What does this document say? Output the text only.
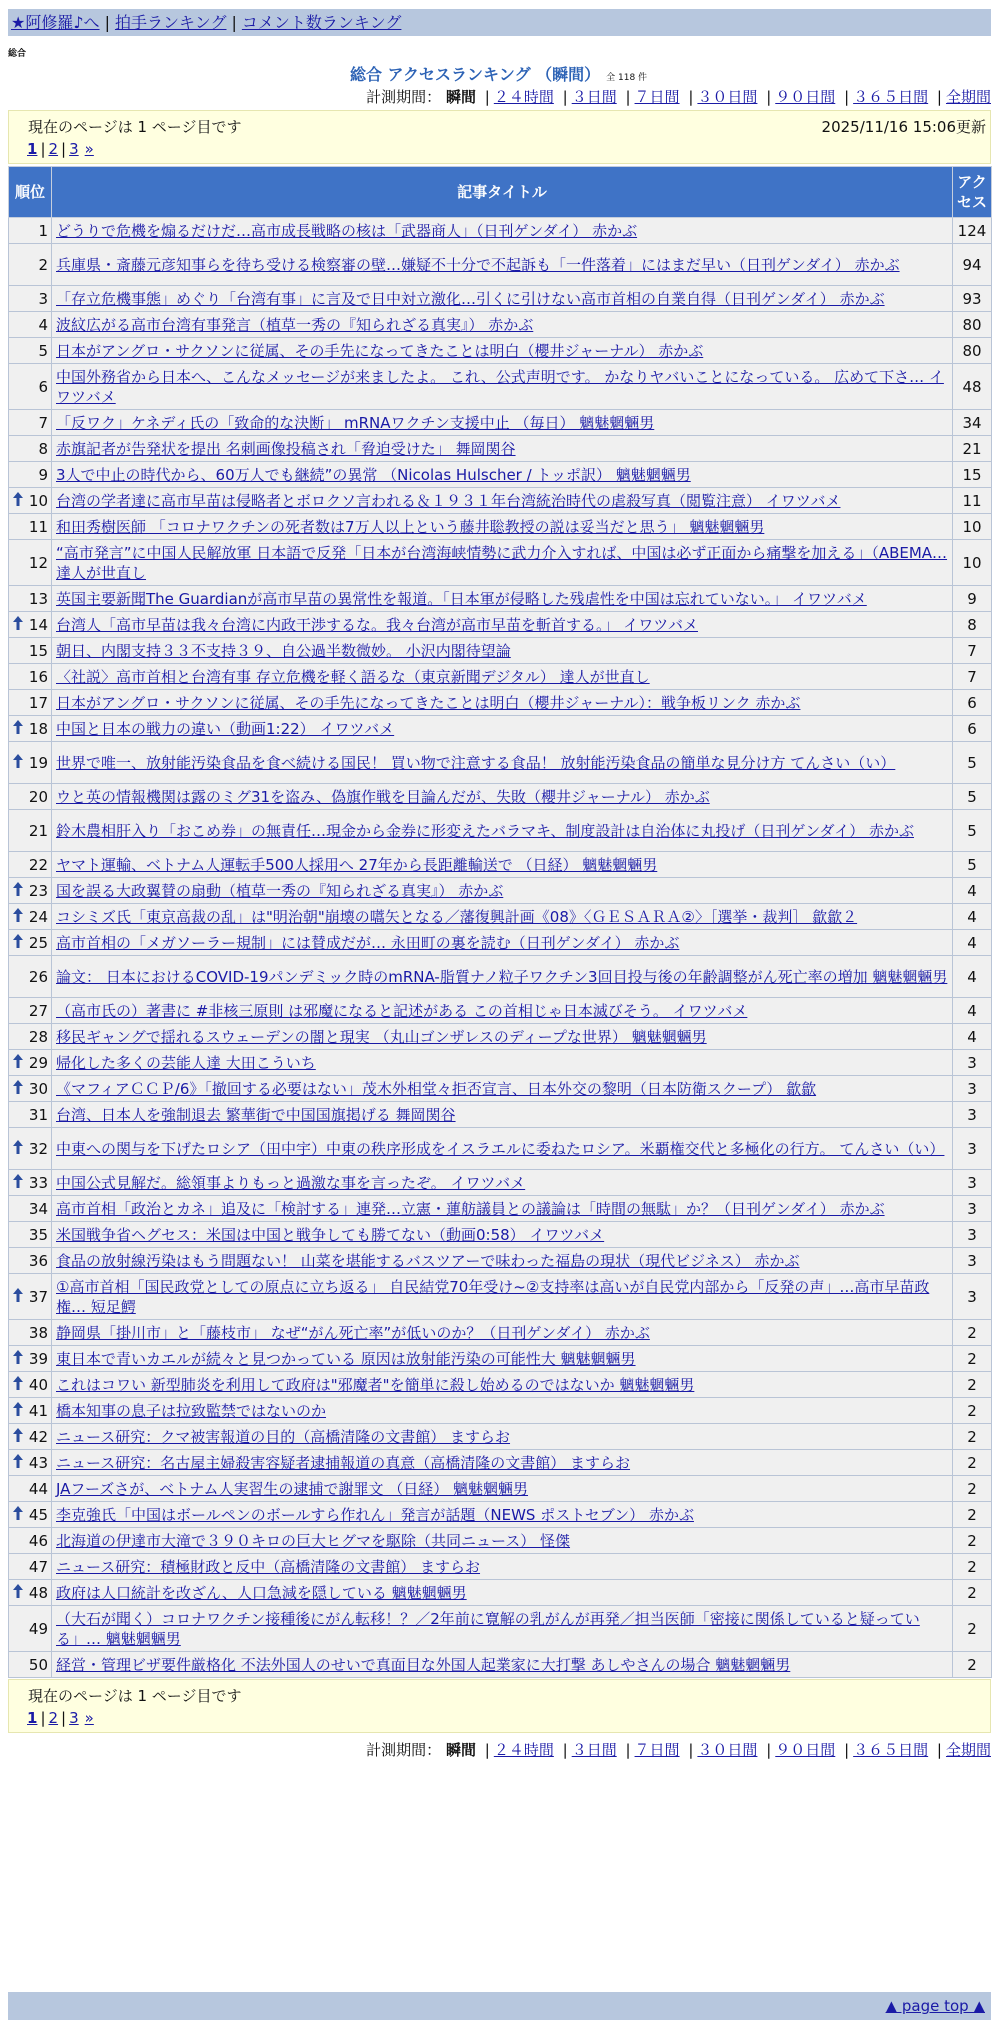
★阿修羅♪へ | 拍手ランキング | コメント数ランキング
総合
総合 アクセスランキング （瞬間） 全 118 件
計測期間： 瞬間 | ２４時間 | ３日間 | ７日間 | ３０日間 | ９０日間 | ３６５日間 | 全期間
現在のページは 1 ページ目です	2025/11/16 15:06更新
1 | 2 | 3 »
順位	記事タイトル	アクセス
1	どうりで危機を煽るだけだ…高市成長戦略の核は「武器商人」（日刊ゲンダイ） 赤かぶ	124
2	兵庫県・斎藤元彦知事らを待ち受ける検察審の壁…嫌疑不十分で不起訴も「一件落着」にはまだ早い（日刊ゲンダイ） 赤かぶ	94
3	「存立危機事態」めぐり「台湾有事」に言及で日中対立激化…引くに引けない高市首相の自業自得（日刊ゲンダイ） 赤かぶ	93
4	波紋広がる高市台湾有事発言（植草一秀の『知られざる真実』） 赤かぶ	80
5	日本がアングロ・サクソンに従属、その手先になってきたことは明白（櫻井ジャーナル） 赤かぶ	80
6	中国外務省から日本へ、こんなメッセージが来ましたよ。 これ、公式声明です。 かなりヤバいことになっている。 広めて下さ… イワツバメ	48
7	「反ワク」ケネディ氏の「致命的な決断」 mRNAワクチン支援中止 （毎日） 魑魅魍魎男	34
8	赤旗記者が告発状を提出 名刺画像投稿され「脅迫受けた」 舞岡関谷	21
9	3人で中止の時代から、60万人でも継続”の異常 （Nicolas Hulscher / トッポ訳） 魑魅魍魎男	15

10	台湾の学者達に高市早苗は侵略者とボロクソ言われる＆１９３１年台湾統治時代の虐殺写真（閲覧注意） イワツバメ	11
11	和田秀樹医師 「コロナワクチンの死者数は7万人以上という藤井聡教授の説は妥当だと思う」 魑魅魍魎男	10
12	“高市発言”に中国人民解放軍 日本語で反発「日本が台湾海峡情勢に武力介入すれば、中国は必ず正面から痛撃を加える」（ABEMA… 達人が世直し	10
13	英国主要新聞The Guardianが高市早苗の異常性を報道。「日本軍が侵略した残虐性を中国は忘れていない。」 イワツバメ	9

14	台湾人「高市早苗は我々台湾に内政干渉するな。我々台湾が高市早苗を斬首する。」 イワツバメ	8
15	朝日、内閣支持３３不支持３９、自公過半数微妙。 小沢内閣待望論	7
16	〈社説〉高市首相と台湾有事 存立危機を軽く語るな（東京新聞デジタル） 達人が世直し	7
17	日本がアングロ・サクソンに従属、その手先になってきたことは明白（櫻井ジャーナル）：戦争板リンク 赤かぶ	6

18	中国と日本の戦力の違い（動画1:22） イワツバメ	6

19	世界で唯一、放射能汚染食品を食べ続ける国民！ 買い物で注意する食品！ 放射能汚染食品の簡単な見分け方 てんさい（い）	5
20	ウと英の情報機関は露のミグ31を盗み、偽旗作戦を目論んだが、失敗（櫻井ジャーナル） 赤かぶ	5
21	鈴木農相肝入り「おこめ券」の無責任…現金から金券に形変えたバラマキ、制度設計は自治体に丸投げ（日刊ゲンダイ） 赤かぶ	5
22	ヤマト運輸、ベトナム人運転手500人採用へ 27年から長距離輸送で （日経） 魑魅魍魎男	5

23	国を誤る大政翼賛の扇動（植草一秀の『知られざる真実』） 赤かぶ	4

24	コシミズ氏「東京高裁の乱」は"明治朝"崩壊の嚆矢となる／藩復興計画《08》〈ＧＥＳＡＲＡ②〉［選挙・裁判］ 歙歙２	4

25	高市首相の「メガソーラー規制」には賛成だが… 永田町の裏を読む（日刊ゲンダイ） 赤かぶ	4
26	論文： 日本におけるCOVID-19パンデミック時のmRNA-脂質ナノ粒子ワクチン3回目投与後の年齢調整がん死亡率の増加 魑魅魍魎男	4
27	（高市氏の）著書に #非核三原則 は邪魔になると記述がある この首相じゃ日本滅びそう。 イワツバメ	4
28	移民ギャングで揺れるスウェーデンの闇と現実 （丸山ゴンザレスのディープな世界） 魑魅魍魎男	4

29	帰化した多くの芸能人達 大田こういち	3

30	《マフィアＣＣＰ/6》「撤回する必要はない」茂木外相堂々拒否宣言、日本外交の黎明（日本防衛スクープ） 歙歙	3
31	台湾、日本人を強制退去 繁華街で中国国旗掲げる 舞岡関谷	3

32	中東への関与を下げたロシア（田中宇）中東の秩序形成をイスラエルに委ねたロシア。米覇権交代と多極化の行方。 てんさい（い）	3

33	中国公式見解だ。総領事よりもっと過激な事を言ったぞ。 イワツバメ	3
34	高市首相「政治とカネ」追及に「検討する」連発…立憲・蓮舫議員との議論は「時間の無駄」か？（日刊ゲンダイ） 赤かぶ	3
35	米国戦争省ヘグセス：米国は中国と戦争しても勝てない（動画0:58） イワツバメ	3
36	食品の放射線汚染はもう問題ない！ 山菜を堪能するバスツアーで味わった福島の現状（現代ビジネス） 赤かぶ	3

37	①高市首相「国民政党としての原点に立ち返る」 自民結党70年受け~②支持率は高いが自民党内部から「反発の声」…高市早苗政権… 短足鰐	3
38	静岡県「掛川市」と「藤枝市」 なぜ“がん死亡率”が低いのか？（日刊ゲンダイ） 赤かぶ	2

39	東日本で青いカエルが続々と見つかっている 原因は放射能汚染の可能性大 魑魅魍魎男	2

40	これはコワい 新型肺炎を利用して政府は"邪魔者"を簡単に殺し始めるのではないか 魑魅魍魎男	2

41	橋本知事の息子は拉致監禁ではないのか	2

42	ニュース研究：クマ被害報道の目的（高橋清隆の文書館） ますらお	2

43	ニュース研究：名古屋主婦殺害容疑者逮捕報道の真意（高橋清隆の文書館） ますらお	2
44	JAフーズさが、ベトナム人実習生の逮捕で謝罪文 （日経） 魑魅魍魎男	2

45	李克強氏「中国はボールペンのボールすら作れん」発言が話題（NEWS ポストセブン） 赤かぶ	2
46	北海道の伊達市大滝で３９０キロの巨大ヒグマを駆除（共同ニュース） 怪傑	2
47	ニュース研究：積極財政と反中（高橋清隆の文書館） ますらお	2

48	政府は人口統計を改ざん、人口急減を隠している 魑魅魍魎男	2
49	（大石が聞く）コロナワクチン接種後にがん転移！？／2年前に寛解の乳がんが再発／担当医師「密接に関係していると疑っている」… 魑魅魍魎男	2
50	経営・管理ビザ要件厳格化 不法外国人のせいで真面目な外国人起業家に大打撃 あしやさんの場合 魑魅魍魎男	2
計測期間： 瞬間 | ２４時間 | ３日間 | ７日間 | ３０日間 | ９０日間 | ３６５日間 | 全期間
現在のページは 1 ページ目です
1 | 2 | 3 »
▲ page top ▲
